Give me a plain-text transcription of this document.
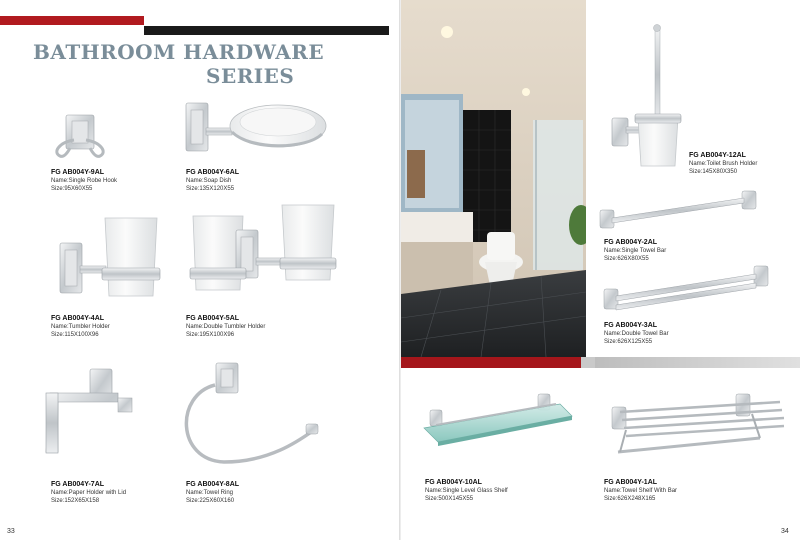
BATHROOM HARDWARE
SERIES
FG AB004Y-9AL
Name:Single Robe Hook
Size:95X60X55
FG AB004Y-6AL
Name:Soap Dish
Size:135X120X55
FG AB004Y-4AL
Name:Tumbler Holder
Size:115X100X96
FG AB004Y-5AL
Name:Double Tumbler Holder
Size:195X100X96
FG AB004Y-7AL
Name:Paper Holder with Lid
Size:152X65X158
FG AB004Y-8AL
Name:Towel Ring
Size:225X60X160
FG AB004Y-12AL
Name:Toilet Brush Holder
Size:145X80X350
FG AB004Y-2AL
Name:Single Towel Bar
Size:626X80X55
FG AB004Y-3AL
Name:Double Towel Bar
Size:626X125X55
FG AB004Y-10AL
Name:Single Level Glass Shelf
Size:500X145X55
FG AB004Y-1AL
Name:Towel Shelf With Bar
Size:626X248X165
33	34
